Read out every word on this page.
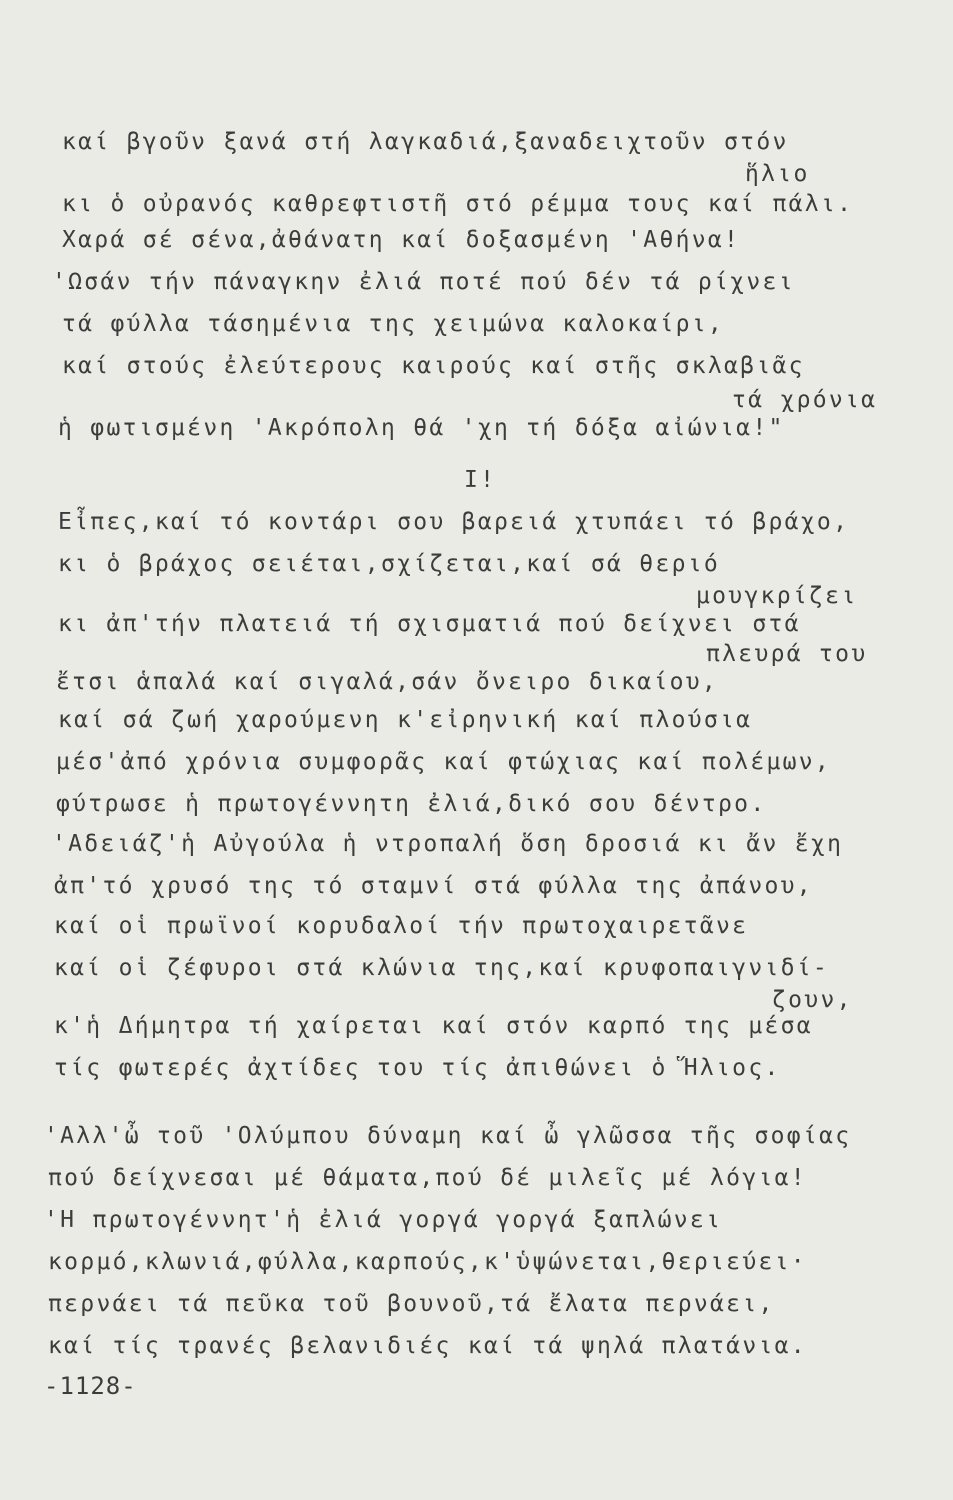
καί βγοῦν ξανά στή λαγκαδιά,ξαναδειχτοῦν στόν
ἥλιο
κι ὁ οὐρανός καθρεφτιστῆ στό ρέμμα τους καί πάλι.
Χαρά σέ σένα,ἀθάνατη καί δοξασμένη 'Αθήνα!
'Ωσάν τήν πάναγκην ἐλιά ποτέ πού δέν τά ρίχνει
τά φύλλα τάσημένια της χειμώνα καλοκαίρι,
καί στούς ἐλεύτερους καιρούς καί στῆς σκλαβιᾶς
τά χρόνια
ἡ φωτισμένη 'Ακρόπολη θά 'χη τή δόξα αἰώνια!"
Ι!
Εἶπες,καί τό κοντάρι σου βαρειά χτυπάει τό βράχο,
κι ὁ βράχος σειέται,σχίζεται,καί σά θεριό
μουγκρίζει
κι ἀπ'τήν πλατειά τή σχισματιά πού δείχνει στά
πλευρά του
ἔτσι ἁπαλά καί σιγαλά,σάν ὄνειρο δικαίου,
καί σά ζωή χαρούμενη κ'εἰρηνική καί πλούσια
μέσ'ἀπό χρόνια συμφορᾶς καί φτώχιας καί πολέμων,
φύτρωσε ἡ πρωτογέννητη ἐλιά,δικό σου δέντρο.
'Αδειάζ'ἡ Αὐγούλα ἡ ντροπαλή ὅση δροσιά κι ἄν ἔχη
ἀπ'τό χρυσό της τό σταμνί στά φύλλα της ἀπάνου,
καί οἱ πρωϊνοί κορυδαλοί τήν πρωτοχαιρετᾶνε
καί οἱ ζέφυροι στά κλώνια της,καί κρυφοπαιγνιδί-
ζουν,
κ'ἡ Δήμητρα τή χαίρεται καί στόν καρπό της μέσα
τίς φωτερές ἀχτίδες του τίς ἀπιθώνει ὁ Ἥλιος.
'Αλλ'ὦ τοῦ 'Ολύμπου δύναμη καί ὦ γλῶσσα τῆς σοφίας
πού δείχνεσαι μέ θάματα,πού δέ μιλεῖς μέ λόγια!
'Η πρωτογέννητ'ἡ ἐλιά γοργά γοργά ξαπλώνει
κορμό,κλωνιά,φύλλα,καρπούς,κ'ὑψώνεται,θεριεύει·
περνάει τά πεῦκα τοῦ βουνοῦ,τά ἔλατα περνάει,
καί τίς τρανές βελανιδιές καί τά ψηλά πλατάνια.
-1128-
